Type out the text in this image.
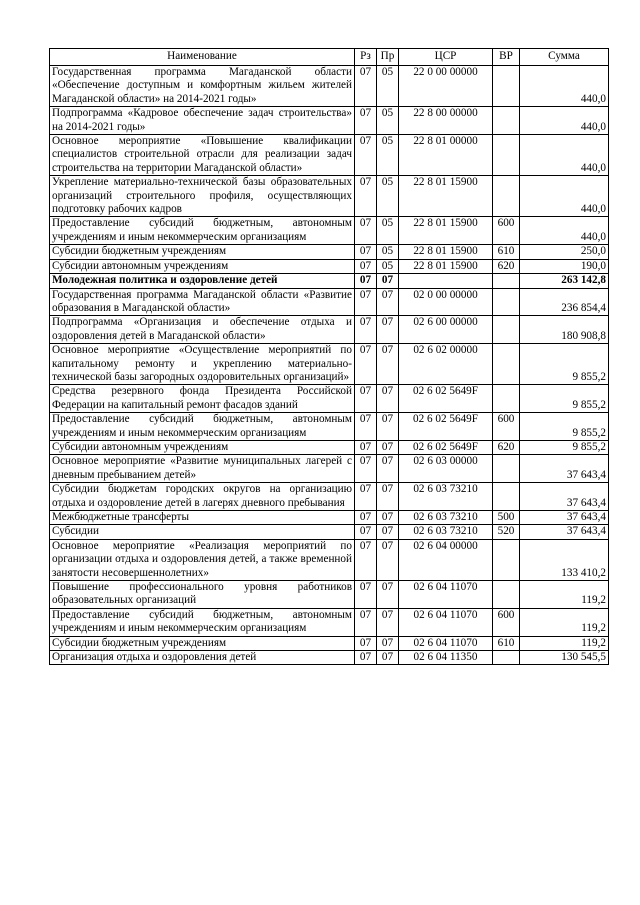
Наименование	Рз	Пр	ЦСР	ВР	Сумма
Государственная программа Магаданской области «Обеспечение доступным и комфортным жильем жителей Магаданской области» на 2014-2021 годы»	07	05	22 0 00 00000		440,0
Подпрограмма «Кадровое обеспечение задач строительства» на 2014-2021 годы»	07	05	22 8 00 00000		440,0
Основное мероприятие «Повышение квалификации специалистов строительной отрасли для реализации задач строительства на территории Магаданской области»	07	05	22 8 01 00000		440,0
Укрепление материально-технической базы образовательных организаций строительного профиля, осуществляющих подготовку рабочих кадров	07	05	22 8 01 15900		440,0
Предоставление субсидий бюджетным, автономным учреждениям и иным некоммерческим организациям	07	05	22 8 01 15900	600	440,0
Субсидии бюджетным учреждениям	07	05	22 8 01 15900	610	250,0
Субсидии автономным учреждениям	07	05	22 8 01 15900	620	190,0
Молодежная политика и оздоровление детей	07	07			263 142,8
Государственная программа Магаданской области «Развитие образования в Магаданской области»	07	07	02 0 00 00000		236 854,4
Подпрограмма «Организация и обеспечение отдыха и оздоровления детей в Магаданской области»	07	07	02 6 00 00000		180 908,8
Основное мероприятие «Осуществление мероприятий по капитальному ремонту и укреплению материально-технической базы загородных оздоровительных организаций»	07	07	02 6 02 00000		9 855,2
Средства резервного фонда Президента Российской Федерации на капитальный ремонт фасадов зданий	07	07	02 6 02 5649F		9 855,2
Предоставление субсидий бюджетным, автономным учреждениям и иным некоммерческим организациям	07	07	02 6 02 5649F	600	9 855,2
Субсидии автономным учреждениям	07	07	02 6 02 5649F	620	9 855,2
Основное мероприятие «Развитие муниципальных лагерей с дневным пребыванием детей»	07	07	02 6 03 00000		37 643,4
Субсидии бюджетам городских округов на организацию отдыха и оздоровление детей в лагерях дневного пребывания	07	07	02 6 03 73210		37 643,4
Межбюджетные трансферты	07	07	02 6 03 73210	500	37 643,4
Субсидии	07	07	02 6 03 73210	520	37 643,4
Основное мероприятие «Реализация мероприятий по организации отдыха и оздоровления детей, а также временной занятости несовершеннолетних»	07	07	02 6 04 00000		133 410,2
Повышение профессионального уровня работников образовательных организаций	07	07	02 6 04 11070		119,2
Предоставление субсидий бюджетным, автономным учреждениям и иным некоммерческим организациям	07	07	02 6 04 11070	600	119,2
Субсидии бюджетным учреждениям	07	07	02 6 04 11070	610	119,2
Организация отдыха и оздоровления детей	07	07	02 6 04 11350		130 545,5
